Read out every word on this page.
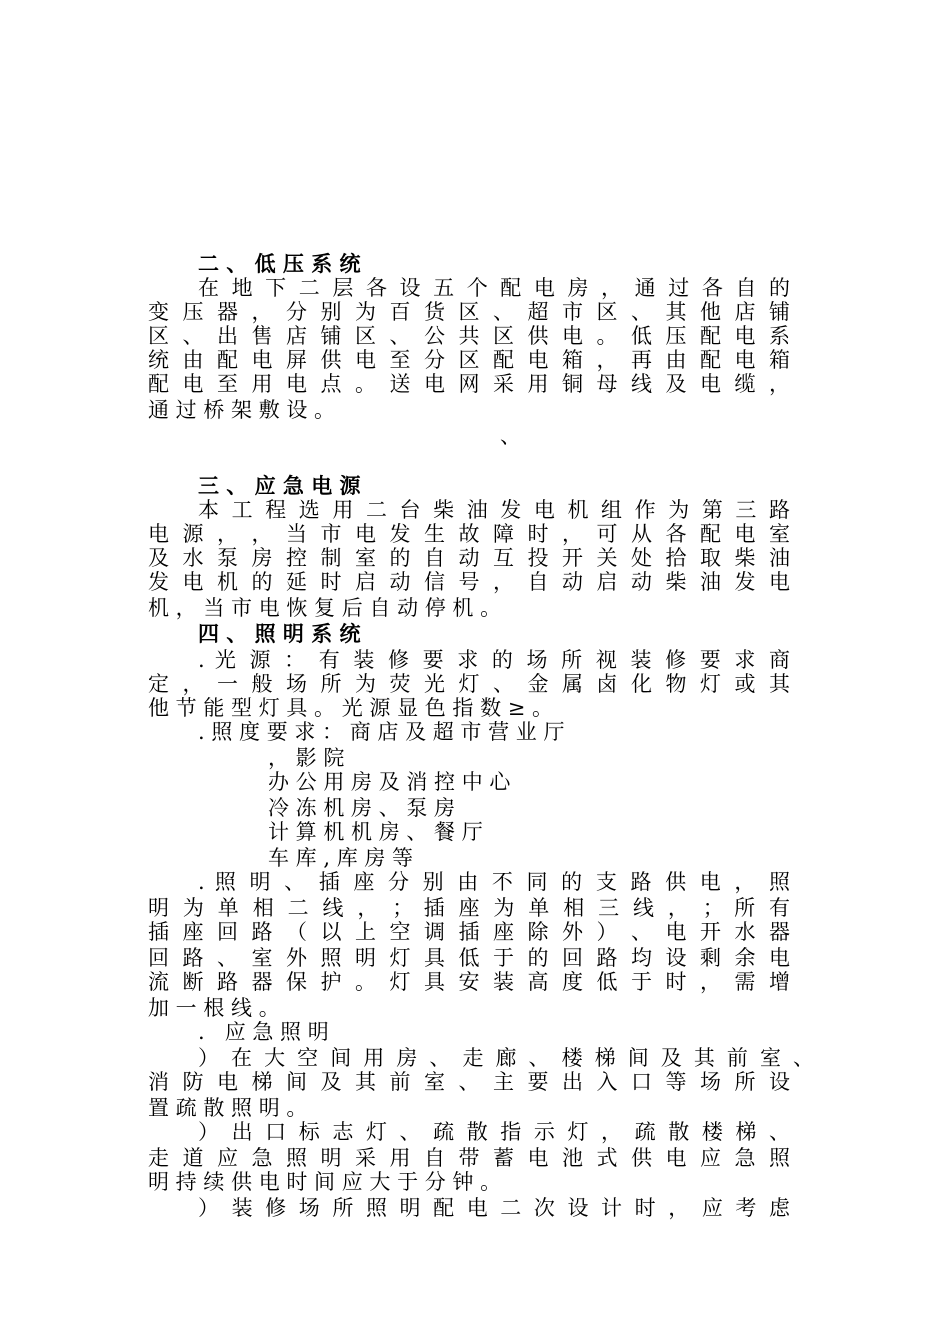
二 、 低 压 系 统
在 地 下 二 层 各 设 五 个 配 电 房 ， 通 过 各 自 的
变 压 器 ， 分 别 为 百 货 区 、 超 市 区 、 其 他 店 铺
区 、 出 售 店 铺 区 、 公 共 区 供 电 。 低 压 配 电 系
统 由 配 电 屏 供 电 至 分 区 配 电 箱 ， 再 由 配 电 箱
配 电 至 用 电 点 。 送 电 网 采 用 铜 母 线 及 电 缆 ，
通 过 桥 架 敷 设 。
、
三 、 应 急 电 源
本 工 程 选 用 二 台 柴 油 发 电 机 组 作 为 第 三 路
电 源 ， ， 当 市 电 发 生 故 障 时 ， 可 从 各 配 电 室
及 水 泵 房 控 制 室 的 自 动 互 投 开 关 处 拾 取 柴 油
发 电 机 的 延 时 启 动 信 号 ， 自 动 启 动 柴 油 发 电
机 ， 当 市 电 恢 复 后 自 动 停 机 。
四 、 照 明 系 统
. 光 源 ： 有 装 修 要 求 的 场 所 视 装 修 要 求 商
定 ， 一 般 场 所 为 荧 光 灯 、 金 属 卤 化 物 灯 或 其
他 节 能 型 灯 具 。 光 源 显 色 指 数 ≥ 。
. 照 度 要 求 ： 商 店 及 超 市 营 业 厅
， 影 院
办 公 用 房 及 消 控 中 心
冷 冻 机 房 、 泵 房
计 算 机 机 房 、 餐 厅
车 库 , 库 房 等
. 照 明 、 插 座 分 别 由 不 同 的 支 路 供 电 ， 照
明 为 单 相 二 线 ， ； 插 座 为 单 相 三 线 ， ； 所 有
插 座 回 路 （ 以 上 空 调 插 座 除 外 ） 、 电 开 水 器
回 路 、 室 外 照 明 灯 具 低 于 的 回 路 均 设 剩 余 电
流 断 路 器 保 护 。 灯 具 安 装 高 度 低 于 时 ， 需 增
加 一 根 线 。
.   应 急 照 明
） 在 大 空 间 用 房 、 走 廊 、 楼 梯 间 及 其 前 室 、
消 防 电 梯 间 及 其 前 室 、 主 要 出 入 口 等 场 所 设
置 疏 散 照 明 。
） 出 口 标 志 灯 、 疏 散 指 示 灯 ， 疏 散 楼 梯 、
走 道 应 急 照 明 采 用 自 带 蓄 电 池 式 供 电 应 急 照
明 持 续 供 电 时 间 应 大 于 分 钟 。
） 装 修 场 所 照 明 配 电 二 次 设 计 时 ， 应 考 虑
